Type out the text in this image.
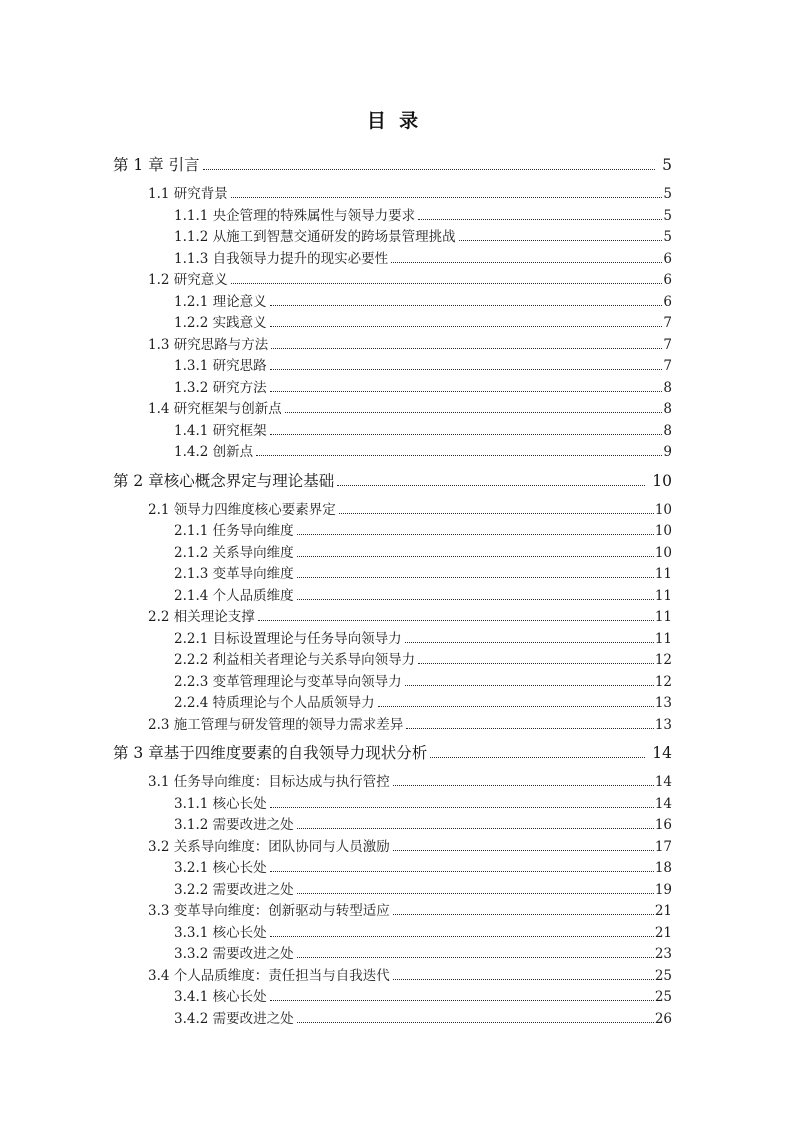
目  录
第 1 章 引言	5
1.1 研究背景	5
1.1.1 央企管理的特殊属性与领导力要求	5
1.1.2 从施工到智慧交通研发的跨场景管理挑战	5
1.1.3 自我领导力提升的现实必要性	6
1.2 研究意义	6
1.2.1 理论意义	6
1.2.2 实践意义	7
1.3 研究思路与方法	7
1.3.1 研究思路	7
1.3.2 研究方法	8
1.4 研究框架与创新点	8
1.4.1 研究框架	8
1.4.2 创新点	9
第 2 章核心概念界定与理论基础	10
2.1 领导力四维度核心要素界定	10
2.1.1 任务导向维度	10
2.1.2 关系导向维度	10
2.1.3 变革导向维度	11
2.1.4 个人品质维度	11
2.2 相关理论支撑	11
2.2.1 目标设置理论与任务导向领导力	11
2.2.2 利益相关者理论与关系导向领导力	12
2.2.3 变革管理理论与变革导向领导力	12
2.2.4 特质理论与个人品质领导力	13
2.3 施工管理与研发管理的领导力需求差异	13
第 3 章基于四维度要素的自我领导力现状分析	14
3.1 任务导向维度：目标达成与执行管控	14
3.1.1 核心长处	14
3.1.2 需要改进之处	16
3.2 关系导向维度：团队协同与人员激励	17
3.2.1 核心长处	18
3.2.2 需要改进之处	19
3.3 变革导向维度：创新驱动与转型适应	21
3.3.1 核心长处	21
3.3.2 需要改进之处	23
3.4 个人品质维度：责任担当与自我迭代	25
3.4.1 核心长处	25
3.4.2 需要改进之处	26
